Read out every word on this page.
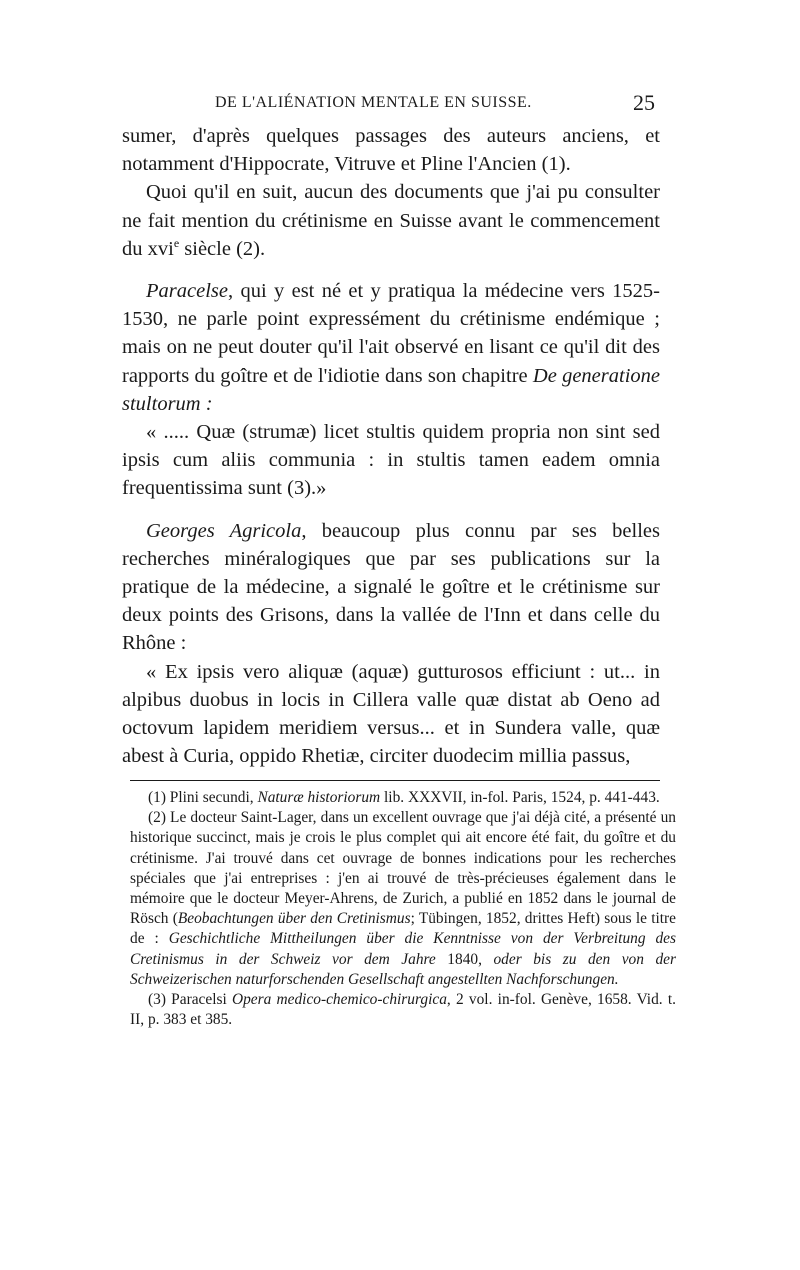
DE L'ALIÉNATION MENTALE EN SUISSE.	25

sumer, d'après quelques passages des auteurs anciens, et notamment d'Hippocrate, Vitruve et Pline l'Ancien (1).

Quoi qu'il en suit, aucun des documents que j'ai pu consulter ne fait mention du crétinisme en Suisse avant le commencement du xvi$^e$ siècle (2).

Paracelse, qui y est né et y pratiqua la médecine vers 1525-1530, ne parle point expressément du crétinisme endémique ; mais on ne peut douter qu'il l'ait observé en lisant ce qu'il dit des rapports du goître et de l'idiotie dans son chapitre De generatione stultorum :

« ..... Quæ (strumæ) licet stultis quidem propria non sint sed ipsis cum aliis communia : in stultis tamen eadem omnia frequentissima sunt (3).»

Georges Agricola, beaucoup plus connu par ses belles recherches minéralogiques que par ses publications sur la pratique de la médecine, a signalé le goître et le crétinisme sur deux points des Grisons, dans la vallée de l'Inn et dans celle du Rhône :

« Ex ipsis vero aliquæ (aquæ) gutturosos efficiunt : ut... in alpibus duobus in locis in Cillera valle quæ distat ab Oeno ad octovum lapidem meridiem versus... et in Sundera valle, quæ abest à Curia, oppido Rhetiæ, circiter duodecim millia passus,

(1) Plini secundi, Naturæ historiorum lib. XXXVII, in-fol. Paris, 1524, p. 441-443.

(2) Le docteur Saint-Lager, dans un excellent ouvrage que j'ai déjà cité, a présenté un historique succinct, mais je crois le plus complet qui ait encore été fait, du goître et du crétinisme. J'ai trouvé dans cet ouvrage de bonnes indications pour les recherches spéciales que j'ai entreprises : j'en ai trouvé de très-précieuses également dans le mémoire que le docteur Meyer-Ahrens, de Zurich, a publié en 1852 dans le journal de Rösch (Beobachtungen über den Cretinismus; Tübingen, 1852, drittes Heft) sous le titre de : Geschichtliche Mittheilungen über die Kenntnisse von der Verbreitung des Cretinismus in der Schweiz vor dem Jahre 1840, oder bis zu den von der Schweizerischen naturforschenden Gesellschaft angestellten Nachforschungen.

(3) Paracelsi Opera medico-chemico-chirurgica, 2 vol. in-fol. Genève, 1658. Vid. t. II, p. 383 et 385.
